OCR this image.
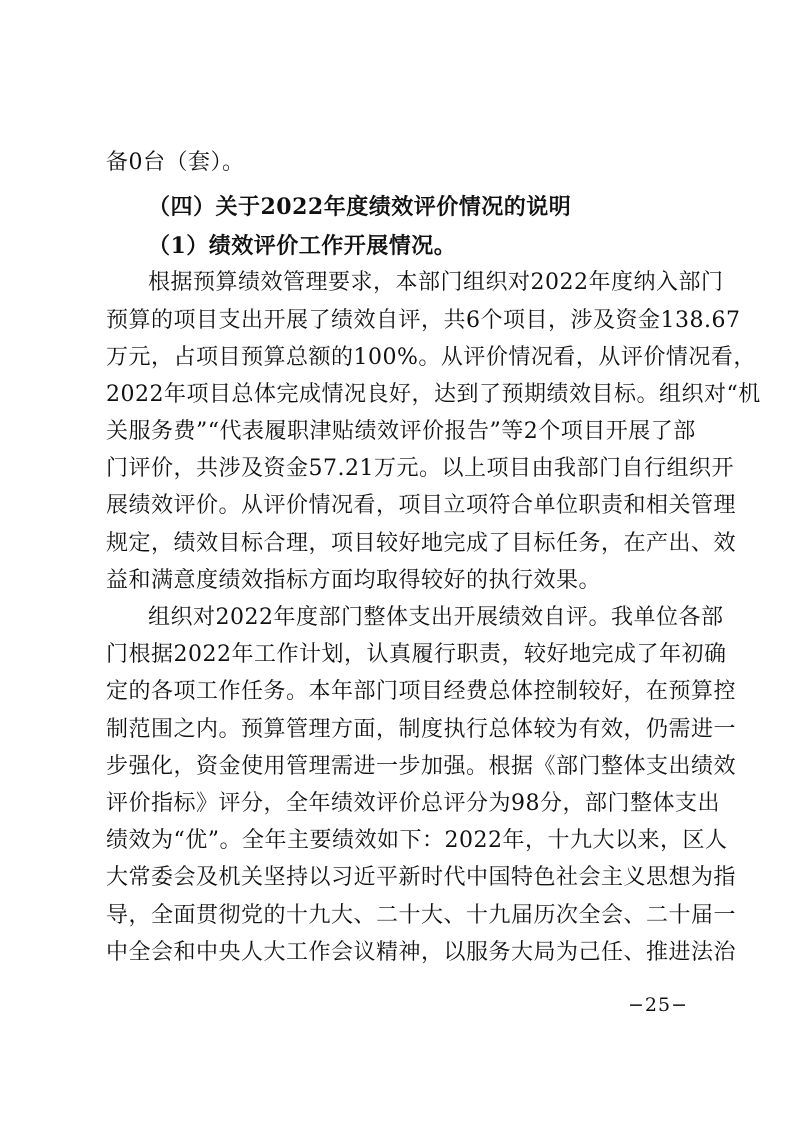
备0台（套）。
（四）关于2022年度绩效评价情况的说明
（1）绩效评价工作开展情况。
根据预算绩效管理要求，本部门组织对2022年度纳入部门
预算的项目支出开展了绩效自评，共6个项目，涉及资金138.67
万元，占项目预算总额的100%。从评价情况看，从评价情况看，
2022年项目总体完成情况良好，达到了预期绩效目标。组织对“机
关服务费”“代表履职津贴绩效评价报告”等2个项目开展了部
门评价，共涉及资金57.21万元。以上项目由我部门自行组织开
展绩效评价。从评价情况看，项目立项符合单位职责和相关管理
规定，绩效目标合理，项目较好地完成了目标任务，在产出、效
益和满意度绩效指标方面均取得较好的执行效果。
组织对2022年度部门整体支出开展绩效自评。我单位各部
门根据2022年工作计划，认真履行职责，较好地完成了年初确
定的各项工作任务。本年部门项目经费总体控制较好，在预算控
制范围之内。预算管理方面，制度执行总体较为有效，仍需进一
步强化，资金使用管理需进一步加强。根据《部门整体支出绩效
评价指标》评分，全年绩效评价总评分为98分，部门整体支出
绩效为“优”。全年主要绩效如下：2022年，十九大以来，区人
大常委会及机关坚持以习近平新时代中国特色社会主义思想为指
导，全面贯彻党的十九大、二十大、十九届历次全会、二十届一
中全会和中央人大工作会议精神，以服务大局为己任、推进法治
−25−
